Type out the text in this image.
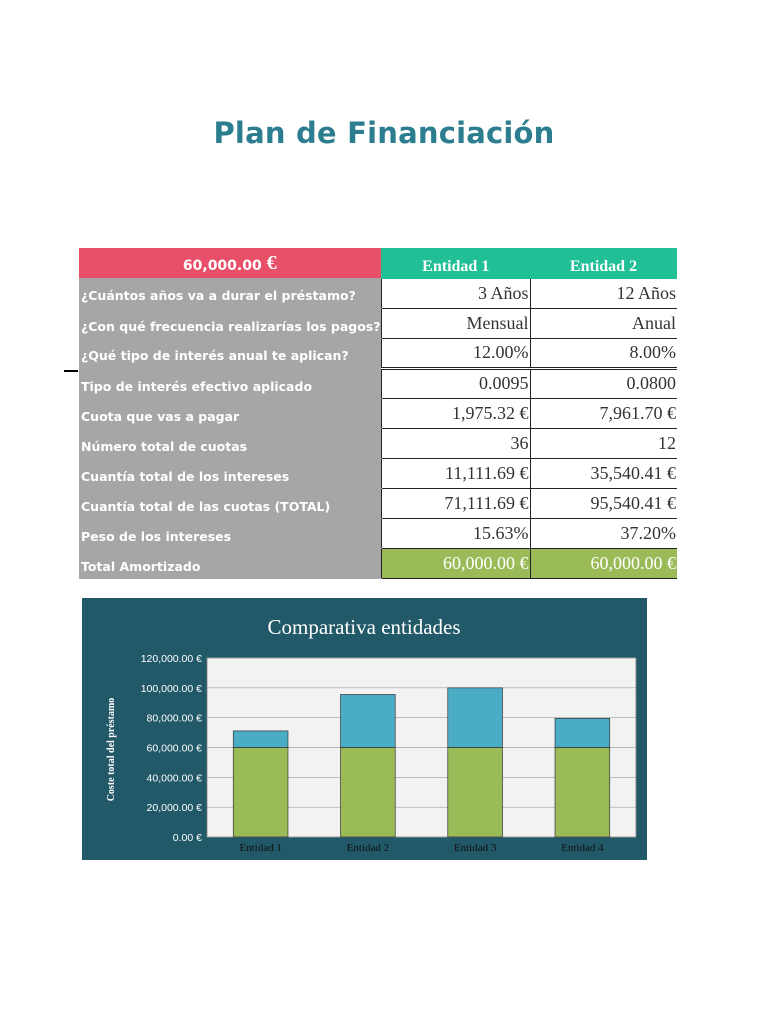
Plan de Financiación
60,000.00 €	Entidad 1	Entidad 2
¿Cuántos años va a durar el préstamo?	3 Años	12 Años
¿Con qué frecuencia realizarías los pagos?	Mensual	Anual
¿Qué tipo de interés anual te aplican?	12.00%	8.00%
Tipo de interés efectivo aplicado	0.0095	0.0800
Cuota que vas a pagar	1,975.32 €	7,961.70 €
Número total de cuotas	36	12
Cuantía total de los intereses	11,111.69 €	35,540.41 €
Cuantía total de las cuotas (TOTAL)	71,111.69 €	95,540.41 €
Peso de los intereses	15.63%	37.20%
Total Amortizado	60,000.00 €	60,000.00 €
Comparativa entidades
0.00 €
20,000.00 €
40,000.00 €
60,000.00 €
80,000.00 €
100,000.00 €
120,000.00 €
Entidad 1	Entidad 2	Entidad 3	Entidad 4
Coste total del préstamo
